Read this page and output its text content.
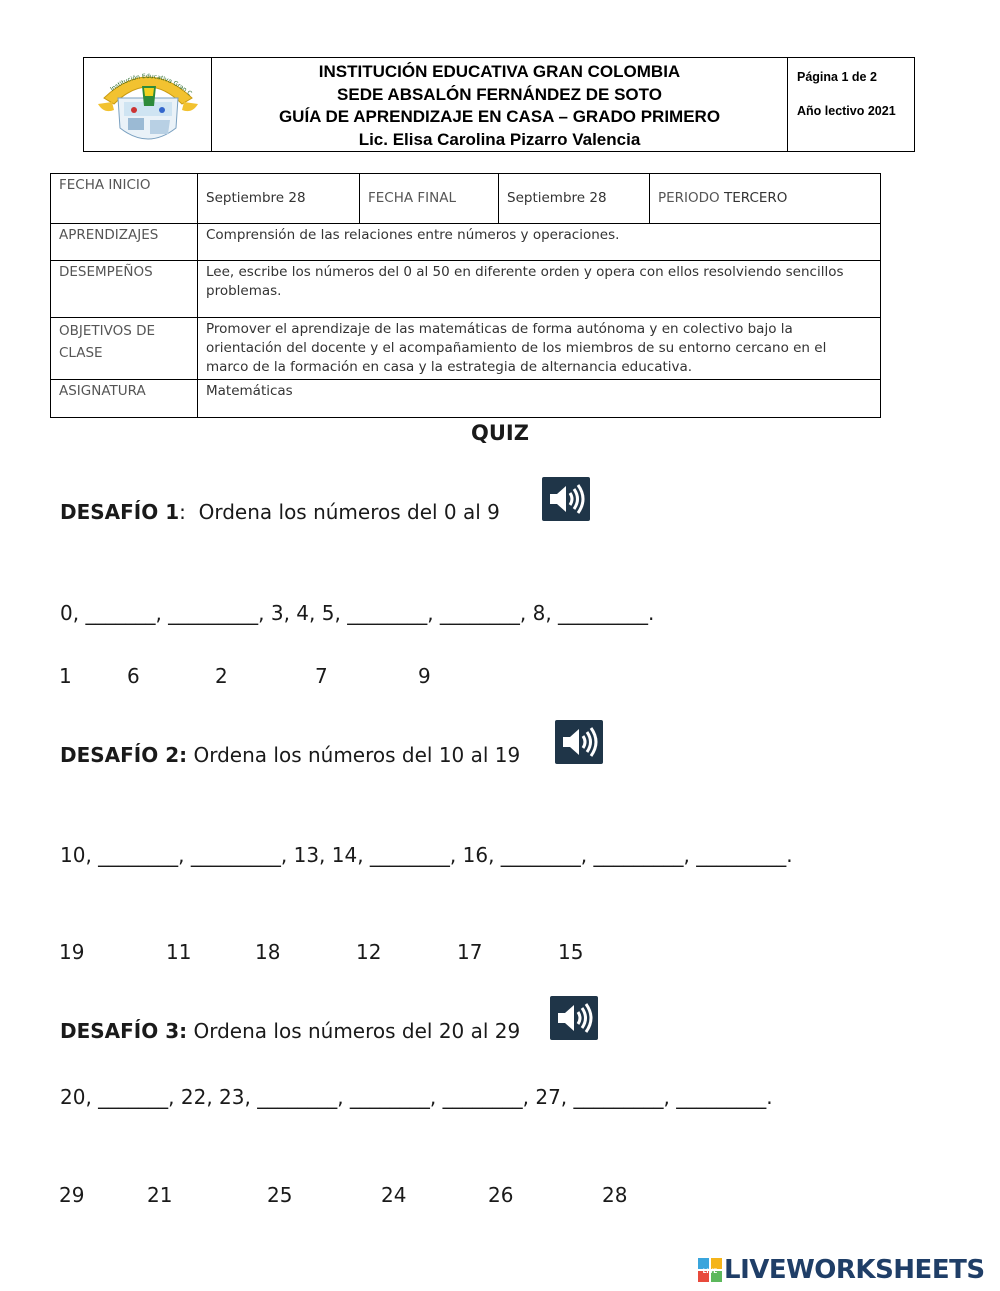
Institución Educativa Gran C
INSTITUCIÓN EDUCATIVA GRAN COLOMBIA
SEDE ABSALÓN FERNÁNDEZ DE SOTO
GUÍA DE APRENDIZAJE EN CASA – GRADO PRIMERO
Lic. Elisa Carolina Pizarro Valencia
Página 1 de 2
Año lectivo 2021
FECHA INICIO	Septiembre 28	FECHA FINAL	Septiembre 28	PERIODO TERCERO
APRENDIZAJES	Comprensión de las relaciones entre números y operaciones.			
DESEMPEÑOS	Lee, escribe los números del 0 al 50 en diferente orden y opera con ellos resolviendo sencillos problemas.			
OBJETIVOS DE CLASE	Promover el aprendizaje de las matemáticas de forma autónoma y en colectivo bajo la orientación del docente y el acompañamiento de los miembros de su entorno cercano en el marco de la formación en casa y la estrategia de alternancia educativa.			
ASIGNATURA	Matemáticas			
QUIZ
DESAFÍO 1:  Ordena los números del 0 al 9
0, _______, _________, 3, 4, 5, ________, ________, 8, _________.
1	6	2	7	9
DESAFÍO 2: Ordena los números del 10 al 19
10, ________, _________, 13, 14, ________, 16, ________, _________, _________.
19	11	18	12	17	15
DESAFÍO 3: Ordena los números del 20 al 29
20, _______, 22, 23, ________, ________, ________, 27, _________, _________.
29	21	25	24	26	28
LIVE LIVEWORKSHEETS
